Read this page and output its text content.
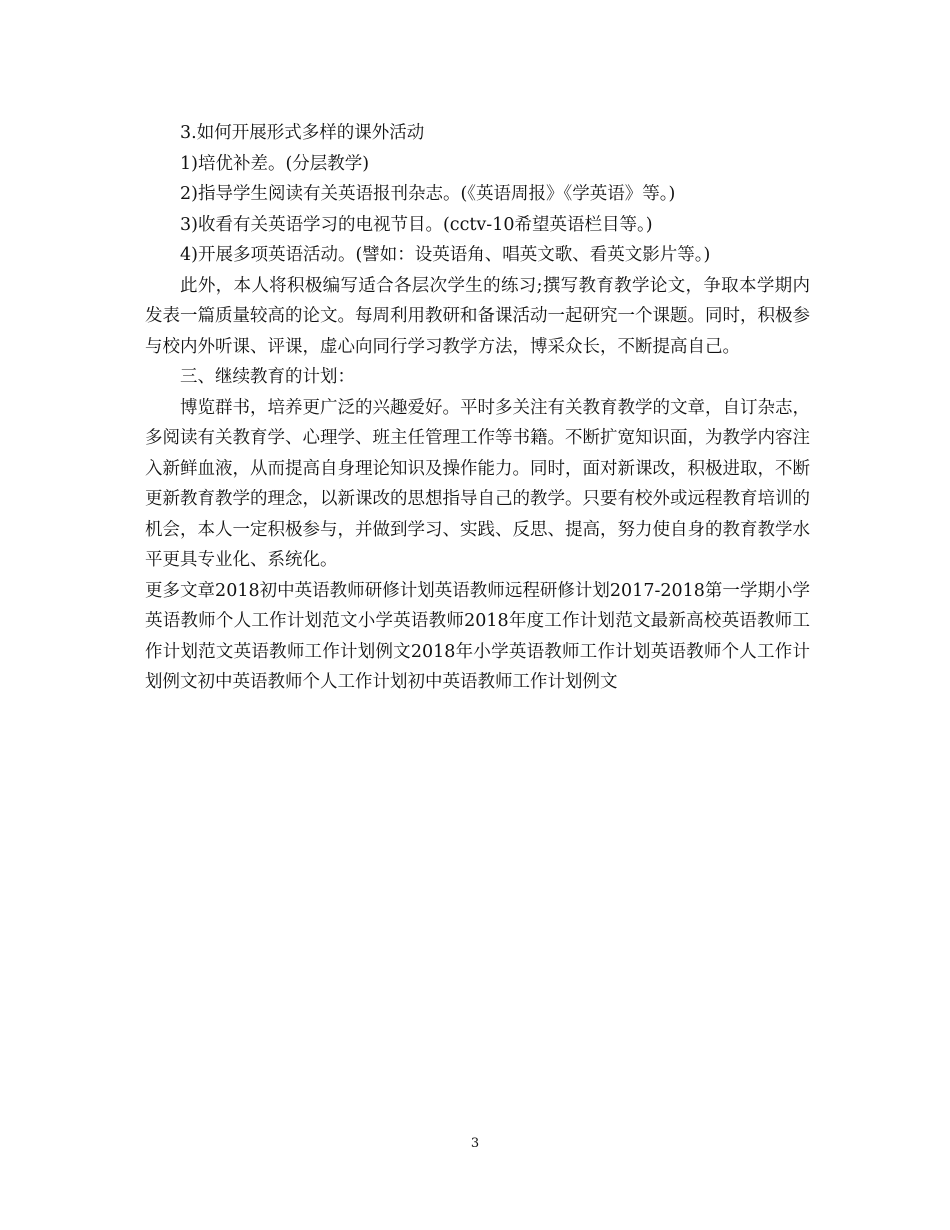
3.如何开展形式多样的课外活动

1)培优补差。(分层教学)

2)指导学生阅读有关英语报刊杂志。(《英语周报》《学英语》等。)

3)收看有关英语学习的电视节目。(cctv-10希望英语栏目等。)

4)开展多项英语活动。(譬如：设英语角、唱英文歌、看英文影片等。)

此外，本人将积极编写适合各层次学生的练习;撰写教育教学论文，争取本学期内发表一篇质量较高的论文。每周利用教研和备课活动一起研究一个课题。同时，积极参与校内外听课、评课，虚心向同行学习教学方法，博采众长，不断提高自己。

三、继续教育的计划：

博览群书，培养更广泛的兴趣爱好。平时多关注有关教育教学的文章，自订杂志，多阅读有关教育学、心理学、班主任管理工作等书籍。不断扩宽知识面，为教学内容注入新鲜血液，从而提高自身理论知识及操作能力。同时，面对新课改，积极进取，不断更新教育教学的理念，以新课改的思想指导自己的教学。只要有校外或远程教育培训的机会，本人一定积极参与，并做到学习、实践、反思、提高，努力使自身的教育教学水平更具专业化、系统化。

更多文章2018初中英语教师研修计划英语教师远程研修计划2017-2018第一学期小学英语教师个人工作计划范文小学英语教师2018年度工作计划范文最新高校英语教师工作计划范文英语教师工作计划例文2018年小学英语教师工作计划英语教师个人工作计划例文初中英语教师个人工作计划初中英语教师工作计划例文

3
